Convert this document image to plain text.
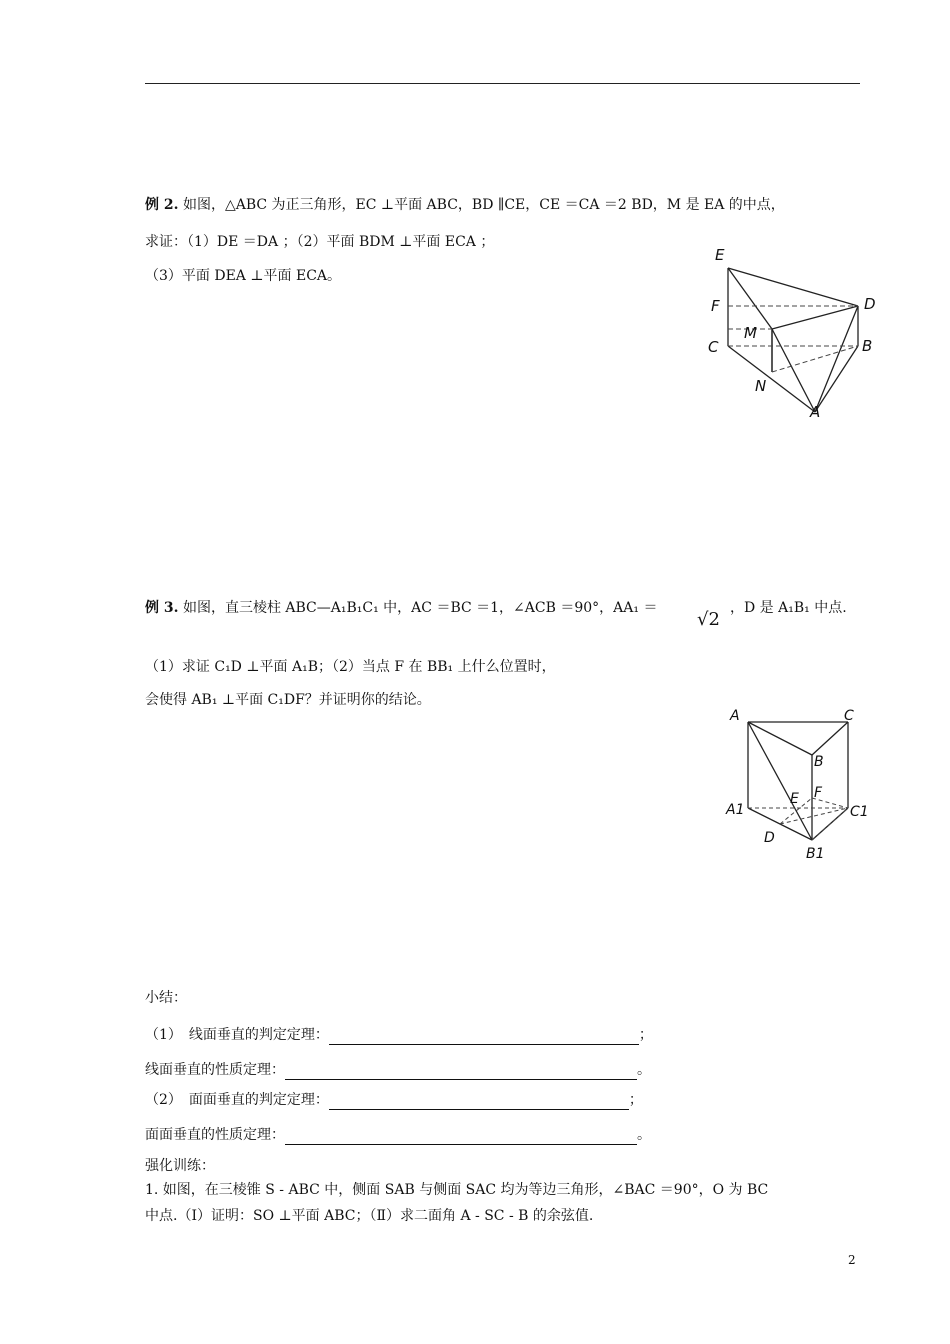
例 2. 如图，△ABC 为正三角形，EC ⊥平面 ABC，BD ∥CE，CE ＝CA ＝2 BD，M 是 EA 的中点，
求证：（1）DE ＝DA ；（2）平面 BDM ⊥平面 ECA ；
（3）平面 DEA ⊥平面 ECA。
E
F	D
M
C	B
N
A
例 3. 如图，直三棱柱 ABC—A₁B₁C₁ 中，AC ＝BC ＝1，∠ACB ＝90°，AA₁ ＝
√2
，D 是 A₁B₁ 中点.
（1）求证 C₁D ⊥平面 A₁B；（2）当点 F 在 BB₁ 上什么位置时，
会使得 AB₁ ⊥平面 C₁DF？并证明你的结论。
A	C
B
E F
A1	C1
D
B1
小结：
（1）　线面垂直的判定定理：	；
线面垂直的性质定理：	。
（2）　面面垂直的判定定理：	；
面面垂直的性质定理：	。
强化训练：
1. 如图，在三棱锥 S - ABC 中，侧面 SAB 与侧面 SAC 均为等边三角形，∠BAC ＝90°，O 为 BC
中点.（Ⅰ）证明：SO ⊥平面 ABC；（Ⅱ）求二面角 A - SC - B 的余弦值.
2
